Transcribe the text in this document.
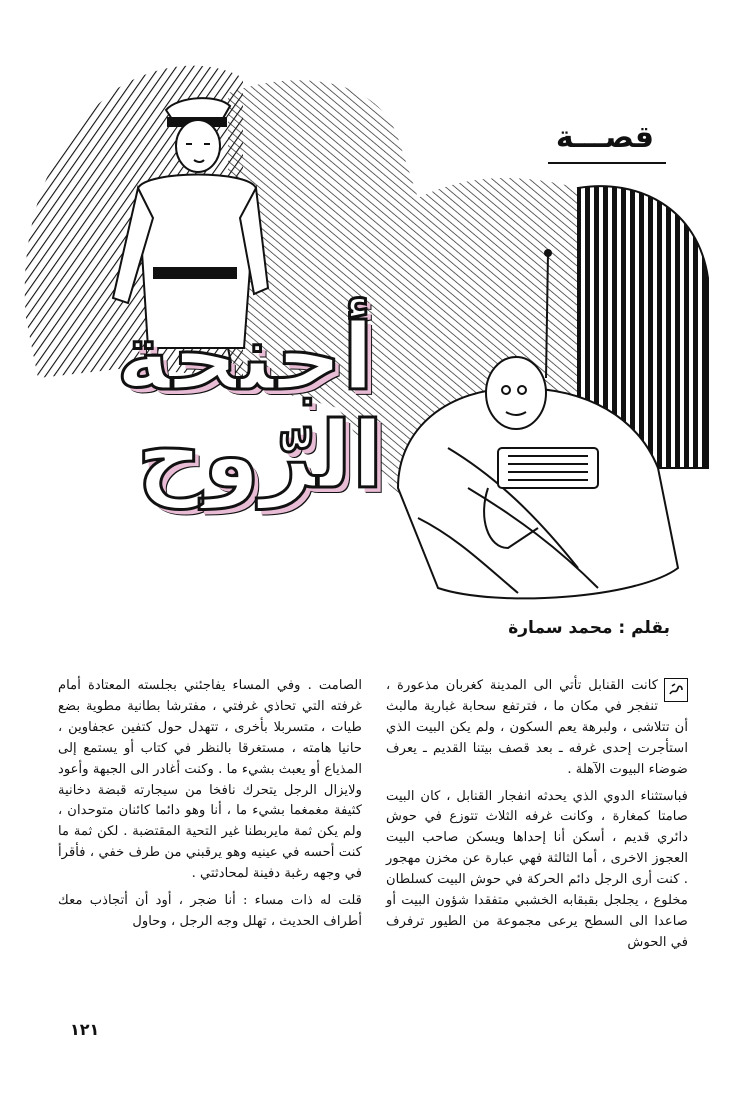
قصـــة
أجنحة
الرّوح
بقلم : محمد سمارة

كانت القنابل تأتي الى المدينة كغربان مذعورة ، تنفجر في مكان ما ، فترتفع سحابة غبارية مالبث أن تتلاشى ، ولبرهة يعم السكون ، ولم يكن البيت الذي استأجرت إحدى غرفه ـ بعد قصف بيتنا القديم ـ يعرف ضوضاء البيوت الآهلة .

فباستثناء الدوي الذي يحدثه انفجار القنابل ، كان البيت صامتا كمغارة ، وكانت غرفه الثلاث تتوزع في حوش دائري قديم ، أسكن أنا إحداها ويسكن صاحب البيت العجوز الاخرى ، أما الثالثة فهي عبارة عن مخزن مهجور . كنت أرى الرجل دائم الحركة في حوش البيت كسلطان مخلوع ، يجلجل بقبقابه الخشبي متفقدا شؤون البيت أو صاعدا الى السطح يرعى مجموعة من الطيور ترفرف في الحوش

الصامت . وفي المساء يفاجئني بجلسته المعتادة أمام غرفته التي تحاذي غرفتي ، مفترشا بطانية مطوية بضع طيات ، متسربلا بأخرى ، تتهدل حول كتفين عجفاوين ، حانيا هامته ، مستغرقا بالنظر في كتاب أو يستمع إلى المذياع أو يعبث بشيء ما . وكنت أغادر الى الجبهة وأعود ولايزال الرجل يتحرك نافخا من سيجارته قبضة دخانية كثيفة مغمغما بشيء ما ، أنا وهو دائما كائنان متوحدان ، ولم يكن ثمة مايربطنا غير التحية المقتضبة . لكن ثمة ما كنت أحسه في عينيه وهو يرقبني من طرف خفي ، فأقرأ في وجهه رغبة دفينة لمحادثتي .

قلت له ذات مساء : أنا ضجر ، أود أن أتجاذب معك أطراف الحديث ، تهلل وجه الرجل ، وحاول

١٢١
